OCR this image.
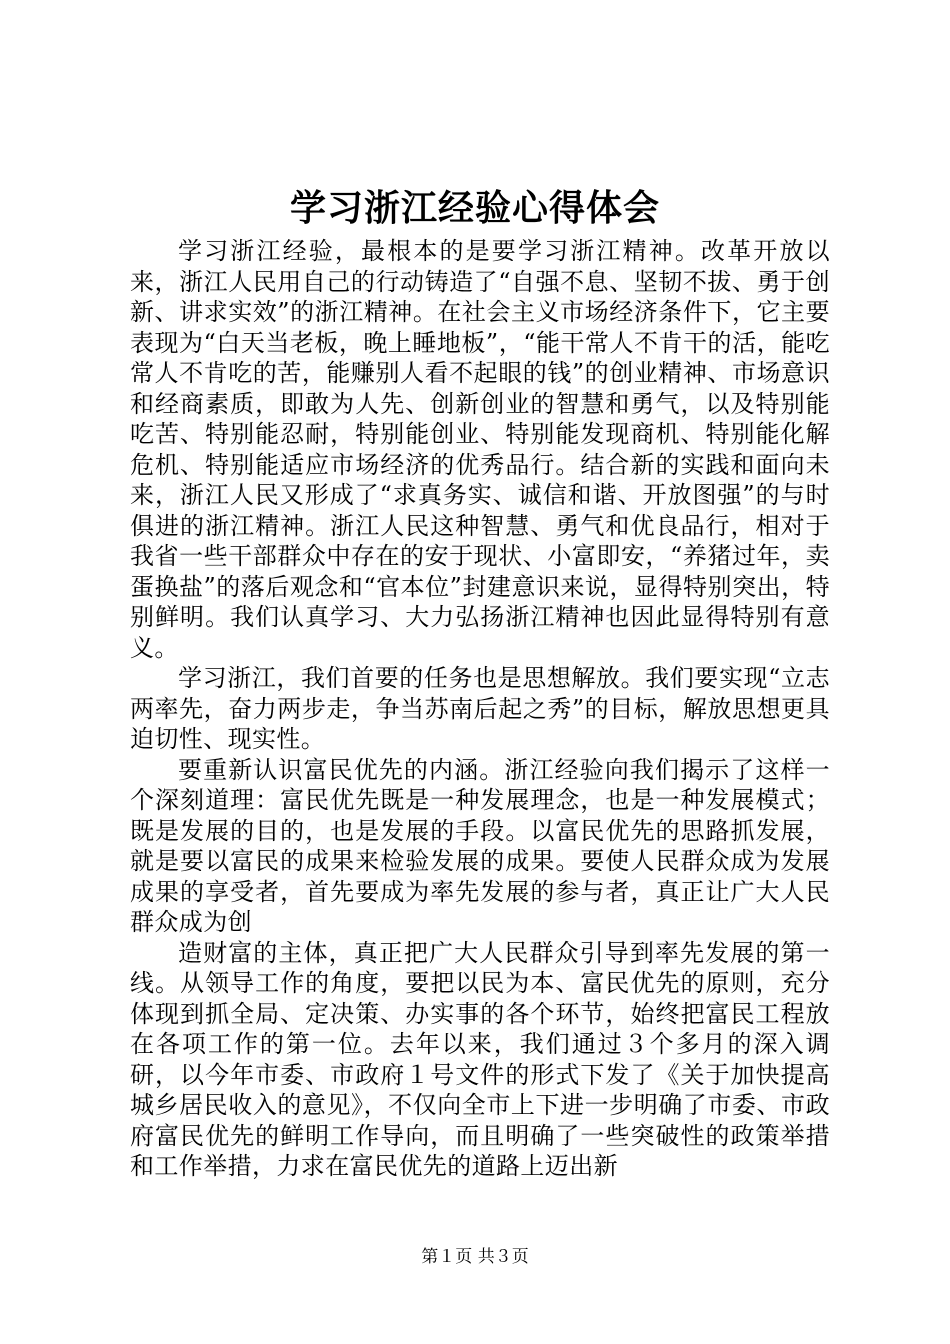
学习浙江经验心得体会

学习浙江经验，最根本的是要学习浙江精神。改革开放以来，浙江人民用自己的行动铸造了“自强不息、坚韧不拔、勇于创新、讲求实效”的浙江精神。在社会主义市场经济条件下，它主要表现为“白天当老板，晚上睡地板”，“能干常人不肯干的活，能吃常人不肯吃的苦，能赚别人看不起眼的钱”的创业精神、市场意识和经商素质，即敢为人先、创新创业的智慧和勇气，以及特别能吃苦、特别能忍耐，特别能创业、特别能发现商机、特别能化解危机、特别能适应市场经济的优秀品行。结合新的实践和面向未来，浙江人民又形成了“求真务实、诚信和谐、开放图强”的与时俱进的浙江精神。浙江人民这种智慧、勇气和优良品行，相对于我省一些干部群众中存在的安于现状、小富即安，“养猪过年，卖蛋换盐”的落后观念和“官本位”封建意识来说，显得特别突出，特别鲜明。我们认真学习、大力弘扬浙江精神也因此显得特别有意义。

学习浙江，我们首要的任务也是思想解放。我们要实现“立志两率先，奋力两步走，争当苏南后起之秀”的目标，解放思想更具迫切性、现实性。

要重新认识富民优先的内涵。浙江经验向我们揭示了这样一个深刻道理：富民优先既是一种发展理念，也是一种发展模式；既是发展的目的，也是发展的手段。以富民优先的思路抓发展，就是要以富民的成果来检验发展的成果。要使人民群众成为发展成果的享受者，首先要成为率先发展的参与者，真正让广大人民群众成为创

造财富的主体，真正把广大人民群众引导到率先发展的第一线。从领导工作的角度，要把以民为本、富民优先的原则，充分体现到抓全局、定决策、办实事的各个环节，始终把富民工程放在各项工作的第一位。去年以来，我们通过３个多月的深入调研，以今年市委、市政府１号文件的形式下发了《关于加快提高城乡居民收入的意见》，不仅向全市上下进一步明确了市委、市政府富民优先的鲜明工作导向，而且明确了一些突破性的政策举措和工作举措，力求在富民优先的道路上迈出新

第１页 共３页
